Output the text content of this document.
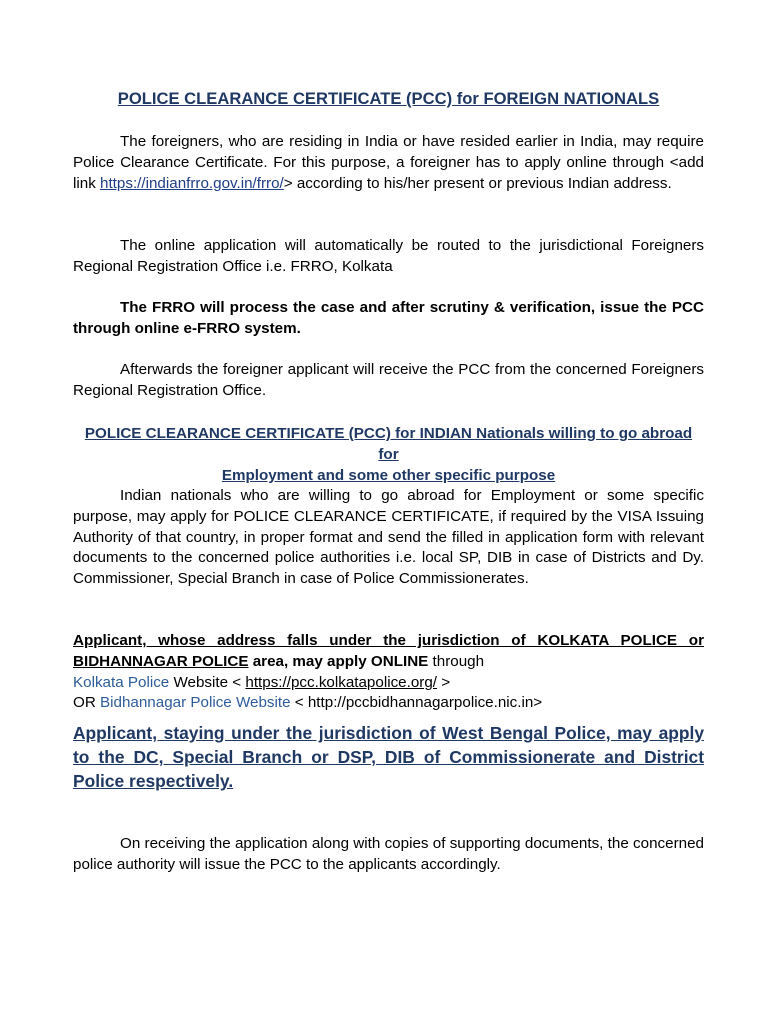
POLICE CLEARANCE CERTIFICATE (PCC) for FOREIGN NATIONALS

The foreigners, who are residing in India or have resided earlier in India, may require Police Clearance Certificate. For this purpose, a foreigner has to apply online through <add link https://indianfrro.gov.in/frro/> according to his/her present or previous Indian address.

The online application will automatically be routed to the jurisdictional Foreigners Regional Registration Office i.e. FRRO, Kolkata

The FRRO will process the case and after scrutiny & verification, issue the PCC through online e-FRRO system.

Afterwards the foreigner applicant will receive the PCC from the concerned Foreigners Regional Registration Office.

POLICE CLEARANCE CERTIFICATE (PCC) for INDIAN Nationals willing to go abroad for
Employment and some other specific purpose

Indian nationals who are willing to go abroad for Employment or some specific purpose, may apply for POLICE CLEARANCE CERTIFICATE, if required by the VISA Issuing Authority of that country, in proper format and send the filled in application form with relevant documents to the concerned police authorities i.e. local SP, DIB in case of Districts and Dy. Commissioner, Special Branch in case of Police Commissionerates.

Applicant, whose address falls under the jurisdiction of KOLKATA POLICE or BIDHANNAGAR POLICE area, may apply ONLINE through

Kolkata Police Website < https://pcc.kolkatapolice.org/ >
OR Bidhannagar Police Website < http://pccbidhannagarpolice.nic.in>

Applicant, staying under the jurisdiction of West Bengal Police, may apply to the DC, Special Branch or DSP, DIB of Commissionerate and District Police respectively.

On receiving the application along with copies of supporting documents, the concerned police authority will issue the PCC to the applicants accordingly.
